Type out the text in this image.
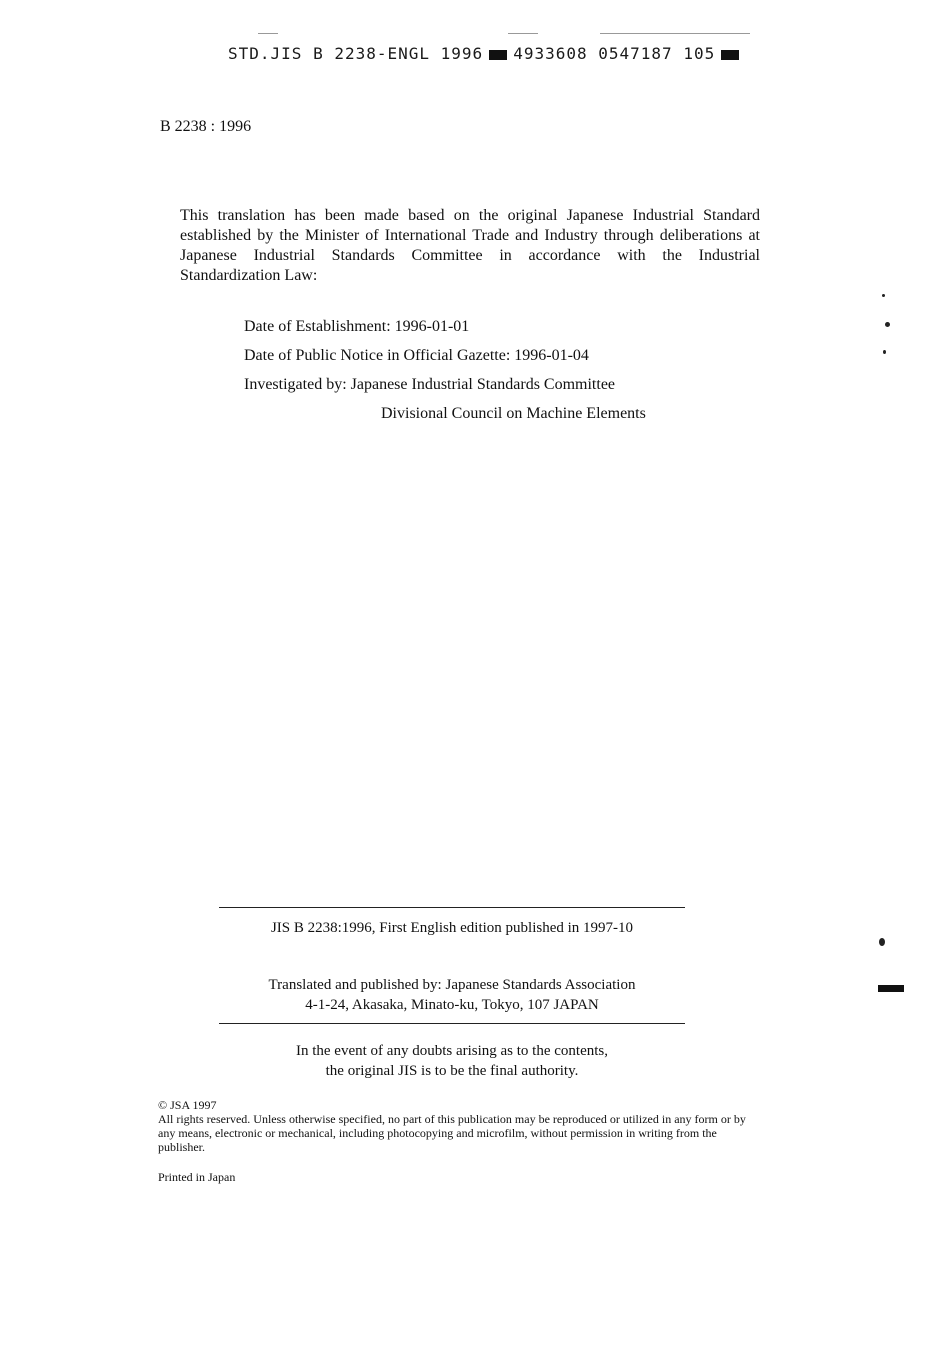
STD.JIS B 2238-ENGL 1996 4933608 0547187 105
B 2238 : 1996

This translation has been made based on the original Japanese Industrial Standard established by the Minister of International Trade and Industry through deliberations at Japanese Industrial Standards Committee in accordance with the Industrial Standardization Law:

Date of Establishment: 1996-01-01
Date of Public Notice in Official Gazette: 1996-01-04
Investigated by: Japanese Industrial Standards Committee
Divisional Council on Machine Elements
JIS B 2238:1996, First English edition published in 1997-10
Translated and published by: Japanese Standards Association
4-1-24, Akasaka, Minato-ku, Tokyo, 107 JAPAN
In the event of any doubts arising as to the contents,
the original JIS is to be the final authority.
© JSA 1997
All rights reserved. Unless otherwise specified, no part of this publication may be reproduced or utilized in any form or by any means, electronic or mechanical, including photocopying and microfilm, without permission in writing from the publisher.
Printed in Japan
